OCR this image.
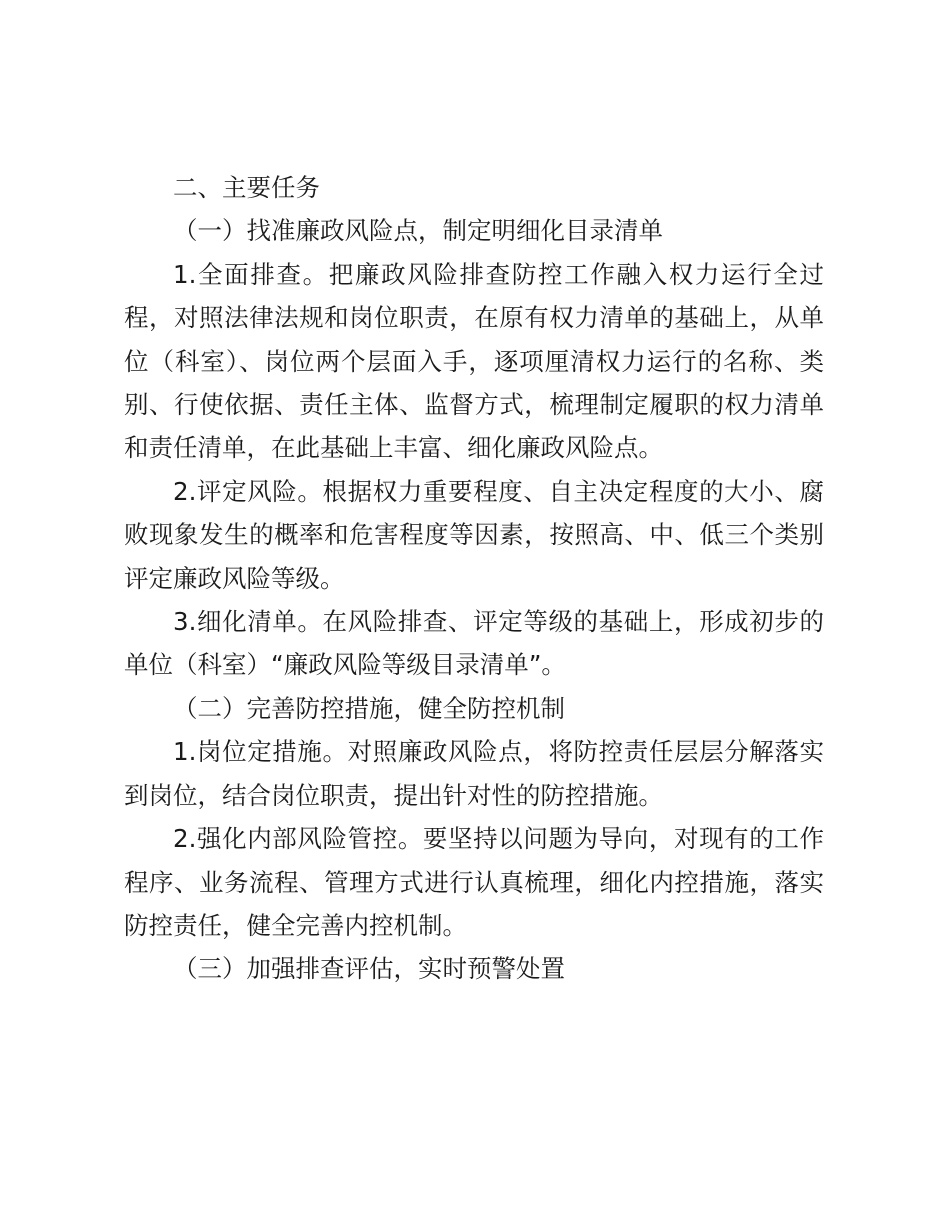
二、主要任务

（一）找准廉政风险点，制定明细化目录清单

1.全面排查。把廉政风险排查防控工作融入权力运行全过程，对照法律法规和岗位职责，在原有权力清单的基础上，从单位（科室）、岗位两个层面入手，逐项厘清权力运行的名称、类别、行使依据、责任主体、监督方式，梳理制定履职的权力清单和责任清单，在此基础上丰富、细化廉政风险点。

2.评定风险。根据权力重要程度、自主决定程度的大小、腐败现象发生的概率和危害程度等因素，按照高、中、低三个类别评定廉政风险等级。

3.细化清单。在风险排查、评定等级的基础上，形成初步的单位（科室）“廉政风险等级目录清单”。

（二）完善防控措施，健全防控机制

1.岗位定措施。对照廉政风险点，将防控责任层层分解落实到岗位，结合岗位职责，提出针对性的防控措施。

2.强化内部风险管控。要坚持以问题为导向，对现有的工作程序、业务流程、管理方式进行认真梳理，细化内控措施，落实防控责任，健全完善内控机制。

（三）加强排查评估，实时预警处置
